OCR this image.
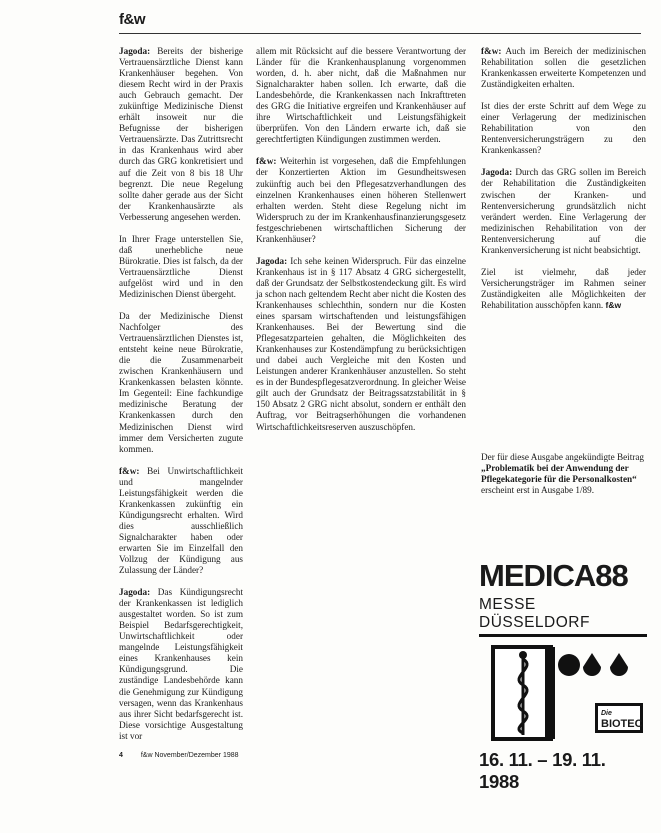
f&w

Jagoda: Bereits der bisherige Vertrauensärztliche Dienst kann Krankenhäuser begehen. Von diesem Recht wird in der Praxis auch Gebrauch gemacht. Der zukünftige Medizinische Dienst erhält insoweit nur die Befugnisse der bisherigen Vertrauensärzte. Das Zutrittsrecht in das Krankenhaus wird aber durch das GRG konkretisiert und auf die Zeit von 8 bis 18 Uhr begrenzt. Die neue Regelung sollte daher gerade aus der Sicht der Krankenhausärzte als Verbesserung angesehen werden.

In Ihrer Frage unterstellen Sie, daß unerhebliche neue Bürokratie. Dies ist falsch, da der Vertrauensärztliche Dienst aufgelöst wird und in den Medizinischen Dienst übergeht.

Da der Medizinische Dienst Nachfolger des Vertrauensärztlichen Dienstes ist, entsteht keine neue Bürokratie, die die Zusammenarbeit zwischen Krankenhäusern und Krankenkassen belasten könnte. Im Gegenteil: Eine fachkundige medizinische Beratung der Krankenkassen durch den Medizinischen Dienst wird immer dem Versicherten zugute kommen.

f&w: Bei Unwirtschaftlichkeit und mangelnder Leistungsfähigkeit werden die Krankenkassen zukünftig ein Kündigungsrecht erhalten. Wird dies ausschließlich Signalcharakter haben oder erwarten Sie im Einzelfall den Vollzug der Kündigung aus Zulassung der Länder?

Jagoda: Das Kündigungsrecht der Krankenkassen ist lediglich ausgestaltet worden. So ist zum Beispiel Bedarfsgerechtigkeit, Unwirtschaftlichkeit oder mangelnde Leistungsfähigkeit eines Krankenhauses kein Kündigungsgrund. Die zuständige Landesbehörde kann die Genehmigung zur Kündigung versagen, wenn das Krankenhaus aus ihrer Sicht bedarfsgerecht ist. Diese vorsichtige Ausgestaltung ist vor

allem mit Rücksicht auf die bessere Verantwortung der Länder für die Krankenhausplanung vorgenommen worden, d. h. aber nicht, daß die Maßnahmen nur Signalcharakter haben sollen. Ich erwarte, daß die Landesbehörde, die Krankenkassen nach Inkrafttreten des GRG die Initiative ergreifen und Krankenhäuser auf ihre Wirtschaftlichkeit und Leistungsfähigkeit überprüfen. Von den Ländern erwarte ich, daß sie gerechtfertigten Kündigungen zustimmen werden.

f&w: Weiterhin ist vorgesehen, daß die Empfehlungen der Konzertierten Aktion im Gesundheitswesen zukünftig auch bei den Pflegesatzverhandlungen des einzelnen Krankenhauses einen höheren Stellenwert erhalten werden. Steht diese Regelung nicht im Widerspruch zu der im Krankenhausfinanzierungsgesetz festgeschriebenen wirtschaftlichen Sicherung der Krankenhäuser?

Jagoda: Ich sehe keinen Widerspruch. Für das einzelne Krankenhaus ist in § 117 Absatz 4 GRG sichergestellt, daß der Grundsatz der Selbstkostendeckung gilt. Es wird ja schon nach geltendem Recht aber nicht die Kosten des Krankenhauses schlechthin, sondern nur die Kosten eines sparsam wirtschaftenden und leistungsfähigen Krankenhauses. Bei der Bewertung sind die Pflegesatzparteien gehalten, die Möglichkeiten des Krankenhauses zur Kostendämpfung zu berücksichtigen und dabei auch Vergleiche mit den Kosten und Leistungen anderer Krankenhäuser anzustellen. So steht es in der Bundespflegesatzverordnung. In gleicher Weise gilt auch der Grundsatz der Beitragssatzstabilität in § 150 Absatz 2 GRG nicht absolut, sondern er enthält den Auftrag, vor Beitragserhöhungen die vorhandenen Wirtschaftlichkeitsreserven auszuschöpfen.

f&w: Auch im Bereich der medizinischen Rehabilitation sollen die gesetzlichen Krankenkassen erweiterte Kompetenzen und Zuständigkeiten erhalten.

Ist dies der erste Schritt auf dem Wege zu einer Verlagerung der medizinischen Rehabilitation von den Rentenversicherungsträgern zu den Krankenkassen?

Jagoda: Durch das GRG sollen im Bereich der Rehabilitation die Zuständigkeiten zwischen der Kranken- und Rentenversicherung grundsätzlich nicht verändert werden. Eine Verlagerung der medizinischen Rehabilitation von der Rentenversicherung auf die Krankenversicherung ist nicht beabsichtigt.

Ziel ist vielmehr, daß jeder Versicherungsträger im Rahmen seiner Zuständigkeiten alle Möglichkeiten der Rehabilitation ausschöpfen kann. f&w

Der für diese Ausgabe angekündigte Beitrag „Problematik bei der Anwendung der Pflegekategorie für die Personalkosten“ erscheint erst in Ausgabe 1/89.
MEDICA88
MESSE DÜSSELDORF
Die
BIOTEC
16. 11. – 19. 11. 1988
4	f&w November/Dezember 1988
